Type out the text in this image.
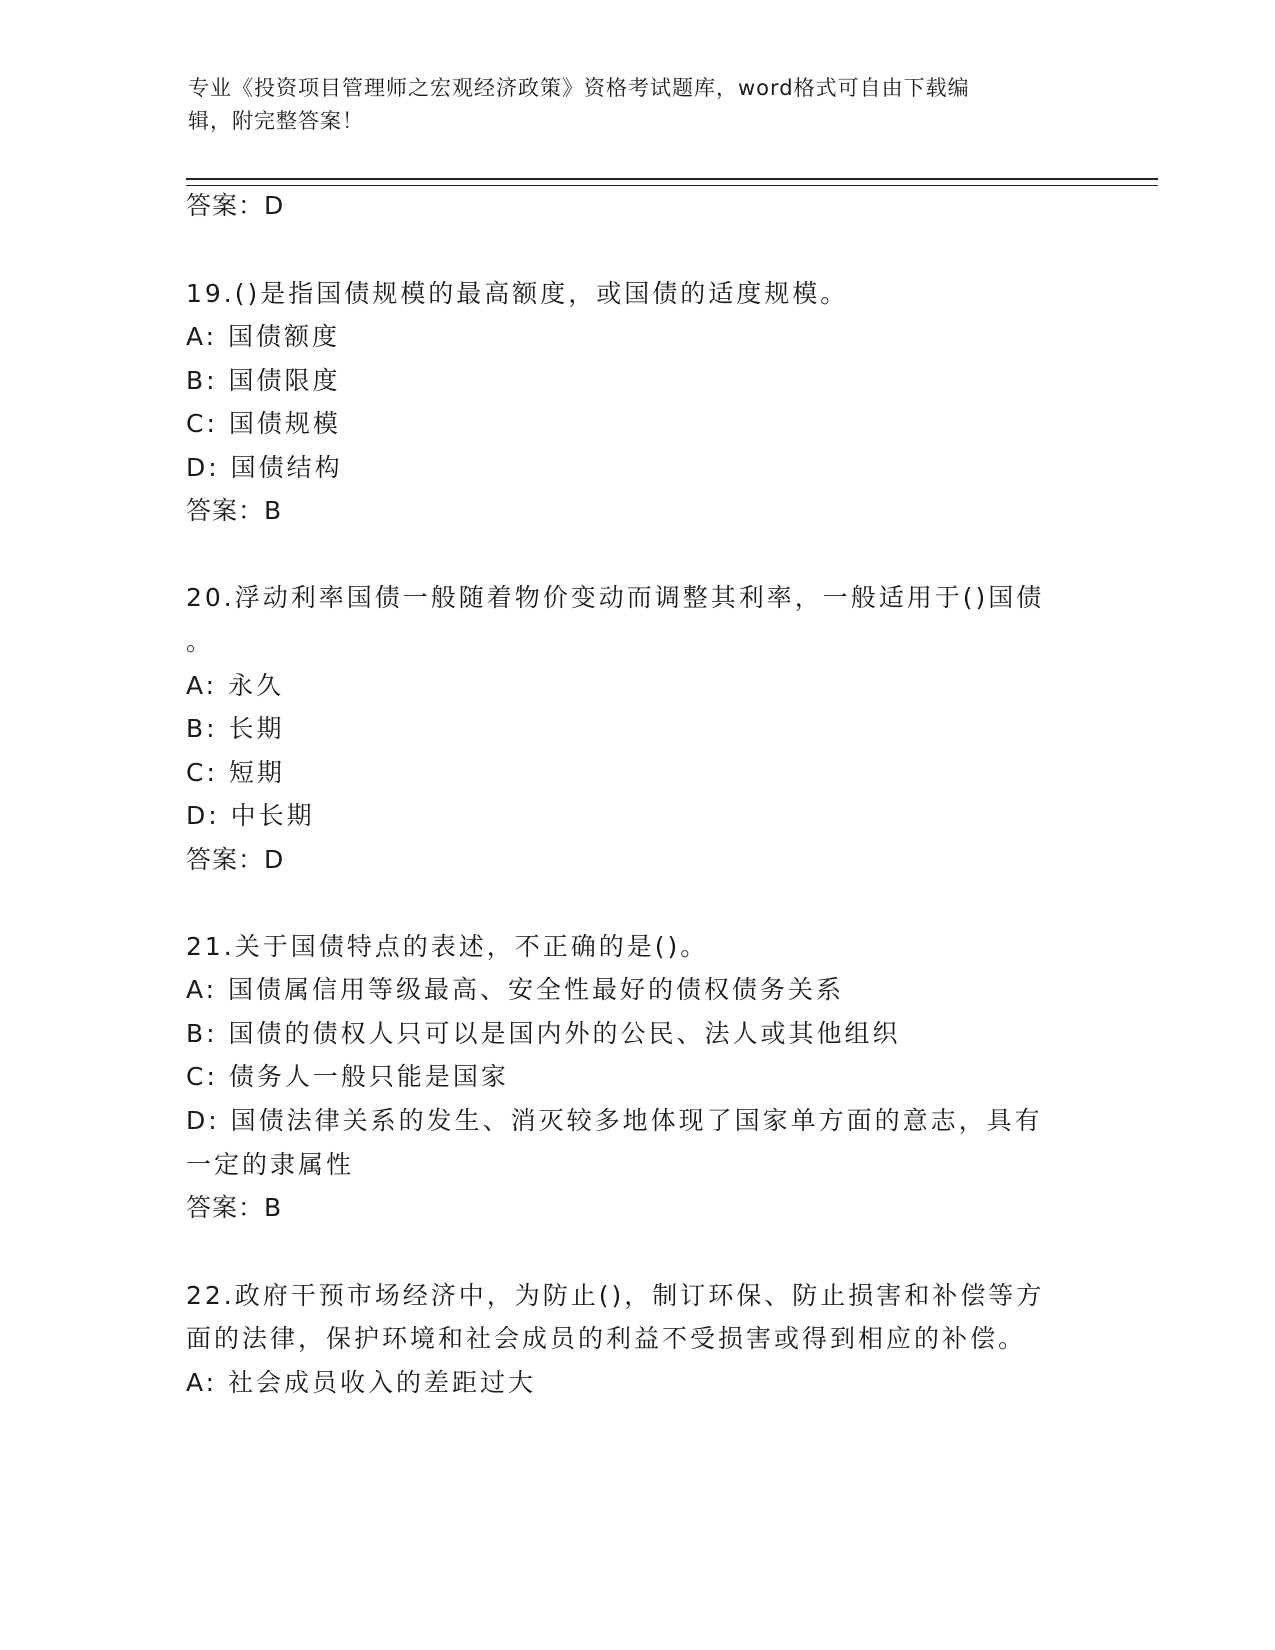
专业《投资项目管理师之宏观经济政策》资格考试题库，word格式可自由下载编
辑，附完整答案！
答案：D
19.()是指国债规模的最高额度，或国债的适度规模。
A: 国债额度
B: 国债限度
C: 国债规模
D: 国债结构
答案：B
20.浮动利率国债一般随着物价变动而调整其利率，一般适用于()国债
。
A: 永久
B: 长期
C: 短期
D: 中长期
答案：D
21.关于国债特点的表述，不正确的是()。
A: 国债属信用等级最高、安全性最好的债权债务关系
B: 国债的债权人只可以是国内外的公民、法人或其他组织
C: 债务人一般只能是国家
D: 国债法律关系的发生、消灭较多地体现了国家单方面的意志，具有
一定的隶属性
答案：B
22.政府干预市场经济中，为防止()，制订环保、防止损害和补偿等方
面的法律，保护环境和社会成员的利益不受损害或得到相应的补偿。
A: 社会成员收入的差距过大
